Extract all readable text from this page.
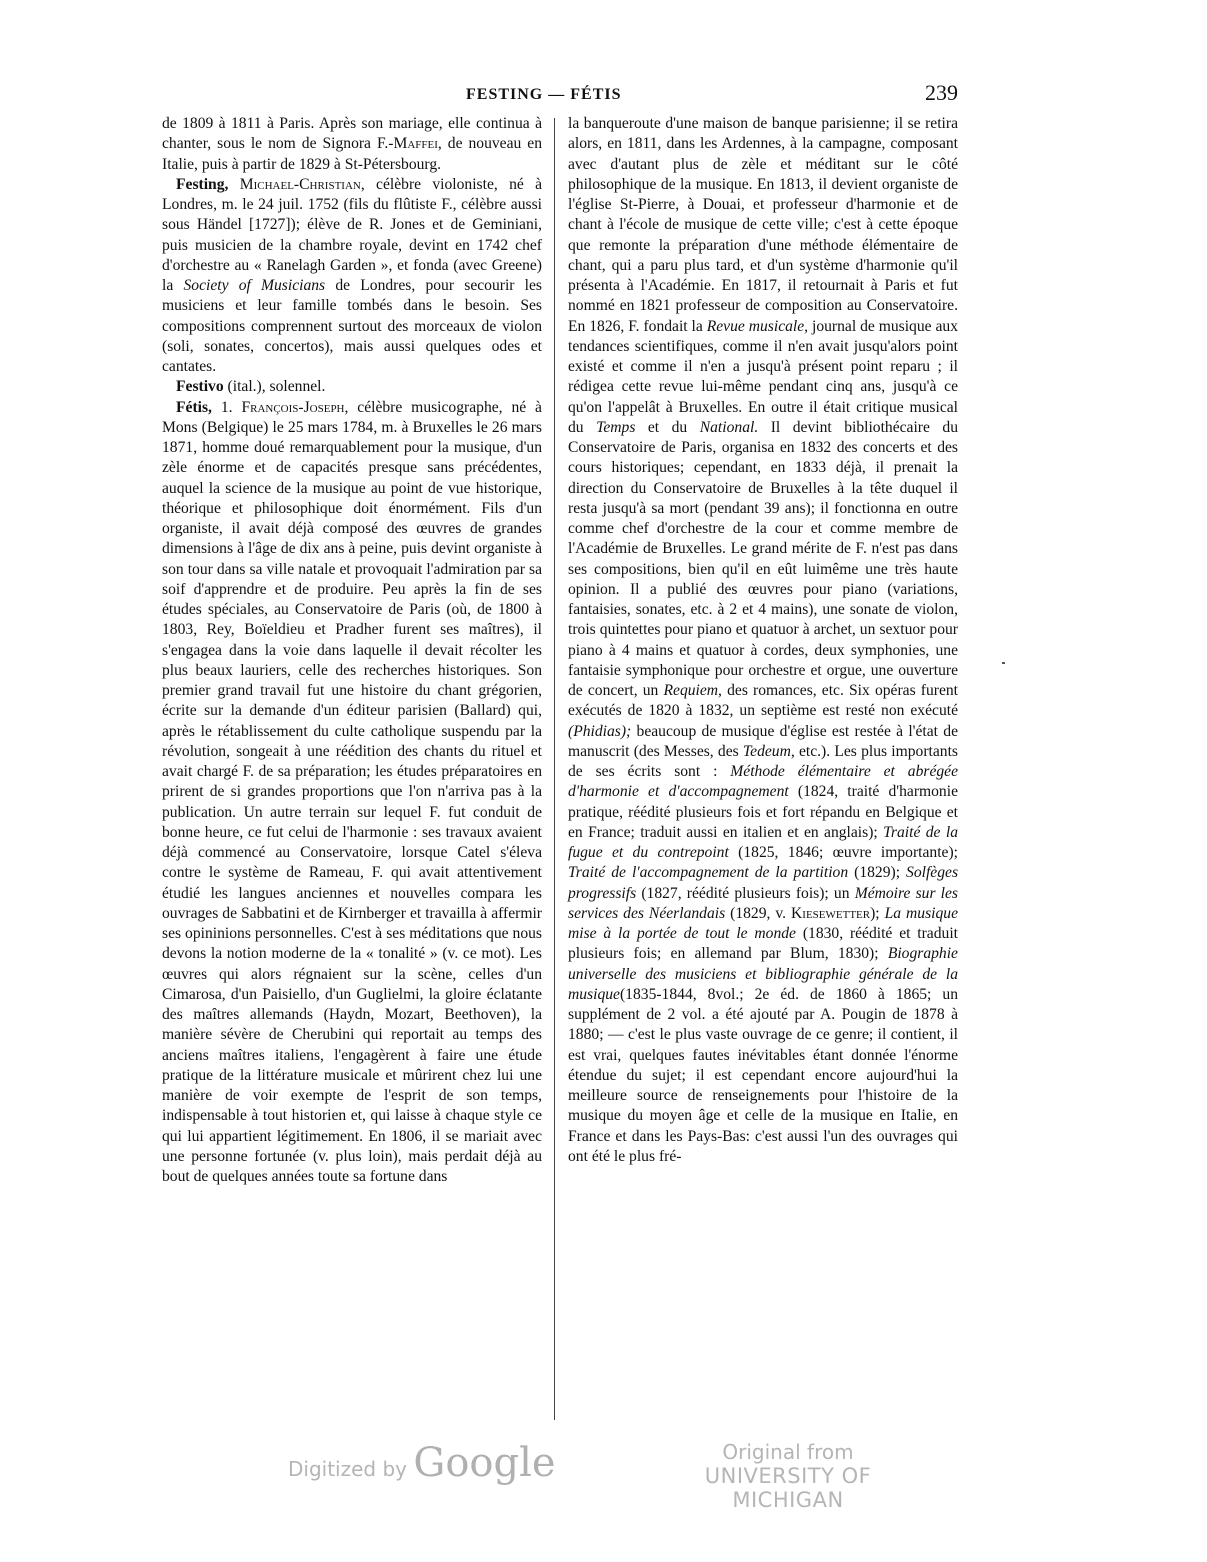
FESTING — FÉTIS	239

de 1809 à 1811 à Paris. Après son mariage, elle continua à chanter, sous le nom de Signora F.-Maffei, de nouveau en Italie, puis à partir de 1829 à St-Pétersbourg.

Festing, Michael-Christian, célèbre violoniste, né à Londres, m. le 24 juil. 1752 (fils du flûtiste F., célèbre aussi sous Händel [1727]); élève de R. Jones et de Geminiani, puis musicien de la chambre royale, devint en 1742 chef d'orchestre au « Ranelagh Garden », et fonda (avec Greene) la Society of Musicians de Londres, pour secourir les musiciens et leur famille tombés dans le besoin. Ses compositions comprennent surtout des morceaux de violon (soli, sonates, concertos), mais aussi quelques odes et cantates.

Festivo (ital.), solennel.

Fétis, 1. François-Joseph, célèbre musicographe, né à Mons (Belgique) le 25 mars 1784, m. à Bruxelles le 26 mars 1871, homme doué remarquablement pour la musique, d'un zèle énorme et de capacités presque sans précédentes, auquel la science de la musique au point de vue historique, théorique et philosophique doit énormément. Fils d'un organiste, il avait déjà composé des œuvres de grandes dimensions à l'âge de dix ans à peine, puis devint organiste à son tour dans sa ville natale et provoquait l'admiration par sa soif d'apprendre et de produire. Peu après la fin de ses études spéciales, au Conservatoire de Paris (où, de 1800 à 1803, Rey, Boïeldieu et Pradher furent ses maîtres), il s'engagea dans la voie dans laquelle il devait récolter les plus beaux lauriers, celle des recherches historiques. Son premier grand travail fut une histoire du chant grégorien, écrite sur la demande d'un éditeur parisien (Ballard) qui, après le rétablissement du culte catholique suspendu par la révolution, songeait à une réédition des chants du rituel et avait chargé F. de sa préparation; les études préparatoires en prirent de si grandes proportions que l'on n'arriva pas à la publication. Un autre terrain sur lequel F. fut conduit de bonne heure, ce fut celui de l'harmonie : ses travaux avaient déjà commencé au Conservatoire, lorsque Catel s'éleva contre le système de Rameau, F. qui avait attentivement étudié les langues anciennes et nouvelles compara les ouvrages de Sabbatini et de Kirnberger et travailla à affermir ses opininions personnelles. C'est à ses méditations que nous devons la notion moderne de la « tonalité » (v. ce mot). Les œuvres qui alors régnaient sur la scène, celles d'un Cimarosa, d'un Paisiello, d'un Guglielmi, la gloire éclatante des maîtres allemands (Haydn, Mozart, Beethoven), la manière sévère de Cherubini qui reportait au temps des anciens maîtres italiens, l'engagèrent à faire une étude pratique de la littérature musicale et mûrirent chez lui une manière de voir exempte de l'esprit de son temps, indispensable à tout historien et, qui laisse à chaque style ce qui lui appartient légitimement. En 1806, il se mariait avec une personne fortunée (v. plus loin), mais perdait déjà au bout de quelques années toute sa fortune dans

la banqueroute d'une maison de banque parisienne; il se retira alors, en 1811, dans les Ardennes, à la campagne, composant avec d'autant plus de zèle et méditant sur le côté philosophique de la musique. En 1813, il devient organiste de l'église St-Pierre, à Douai, et professeur d'harmonie et de chant à l'école de musique de cette ville; c'est à cette époque que remonte la préparation d'une méthode élémentaire de chant, qui a paru plus tard, et d'un système d'harmonie qu'il présenta à l'Académie. En 1817, il retournait à Paris et fut nommé en 1821 professeur de composition au Conservatoire. En 1826, F. fondait la Revue musicale, journal de musique aux tendances scientifiques, comme il n'en avait jusqu'alors point existé et comme il n'en a jusqu'à présent point reparu ; il rédigea cette revue lui-même pendant cinq ans, jusqu'à ce qu'on l'appelât à Bruxelles. En outre il était critique musical du Temps et du National. Il devint bibliothécaire du Conservatoire de Paris, organisa en 1832 des concerts et des cours historiques; cependant, en 1833 déjà, il prenait la direction du Conservatoire de Bruxelles à la tête duquel il resta jusqu'à sa mort (pendant 39 ans); il fonctionna en outre comme chef d'orchestre de la cour et comme membre de l'Académie de Bruxelles. Le grand mérite de F. n'est pas dans ses compositions, bien qu'il en eût luimême une très haute opinion. Il a publié des œuvres pour piano (variations, fantaisies, sonates, etc. à 2 et 4 mains), une sonate de violon, trois quintettes pour piano et quatuor à archet, un sextuor pour piano à 4 mains et quatuor à cordes, deux symphonies, une fantaisie symphonique pour orchestre et orgue, une ouverture de concert, un Requiem, des romances, etc. Six opéras furent exécutés de 1820 à 1832, un septième est resté non exécuté (Phidias); beaucoup de musique d'église est restée à l'état de manuscrit (des Messes, des Tedeum, etc.). Les plus importants de ses écrits sont : Méthode élémentaire et abrégée d'harmonie et d'accompagnement (1824, traité d'harmonie pratique, réédité plusieurs fois et fort répandu en Belgique et en France; traduit aussi en italien et en anglais); Traité de la fugue et du contrepoint (1825, 1846; œuvre importante); Traité de l'accompagnement de la partition (1829); Solfèges progressifs (1827, réédité plusieurs fois); un Mémoire sur les services des Néerlandais (1829, v. Kiesewetter); La musique mise à la portée de tout le monde (1830, réédité et traduit plusieurs fois; en allemand par Blum, 1830); Biographie universelle des musiciens et bibliographie générale de la musique(1835-1844, 8vol.; 2e éd. de 1860 à 1865; un supplément de 2 vol. a été ajouté par A. Pougin de 1878 à 1880; — c'est le plus vaste ouvrage de ce genre; il contient, il est vrai, quelques fautes inévitables étant donnée l'énorme étendue du sujet; il est cependant encore aujourd'hui la meilleure source de renseignements pour l'histoire de la musique du moyen âge et celle de la musique en Italie, en France et dans les Pays-Bas: c'est aussi l'un des ouvrages qui ont été le plus fré-

Digitized by Google	Original from
UNIVERSITY OF MICHIGAN
